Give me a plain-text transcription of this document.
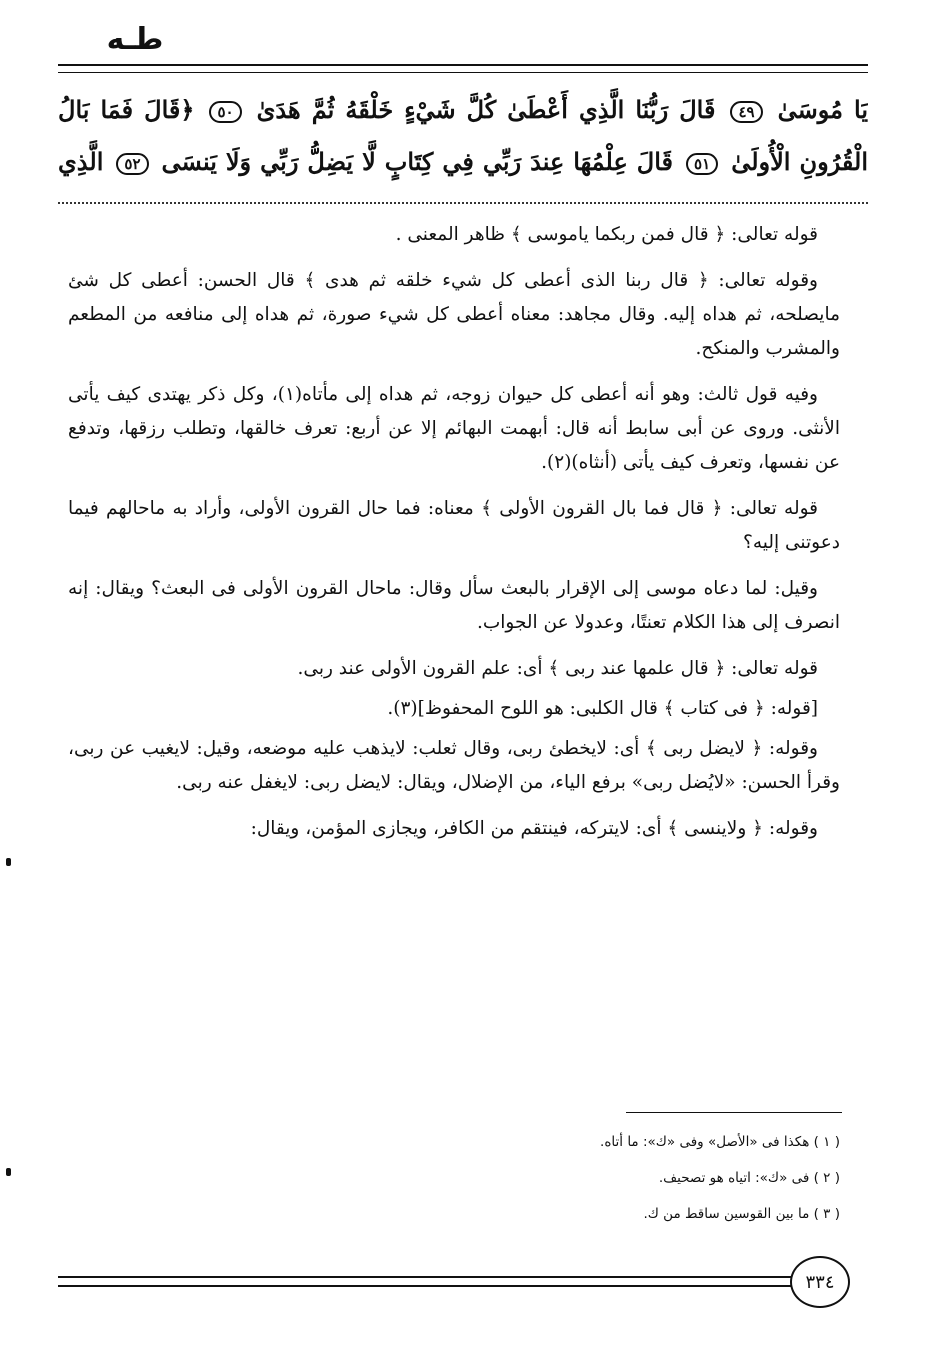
طـه
يَا مُوسَىٰ ٤٩ قَالَ رَبُّنَا الَّذِي أَعْطَىٰ كُلَّ شَيْءٍ خَلْقَهُ ثُمَّ هَدَىٰ ٥٠ ﴿قَالَ فَمَا بَالُ
الْقُرُونِ الْأُولَىٰ ٥١ قَالَ عِلْمُهَا عِندَ رَبِّي فِي كِتَابٍ لَّا يَضِلُّ رَبِّي وَلَا يَنسَى ٥٢ الَّذِي

قوله تعالى: ﴿ قال فمن ربكما ياموسى ﴾ ظاهر المعنى .

وقوله تعالى: ﴿ قال ربنا الذى أعطى كل شيء خلقه ثم هدى ﴾ قال الحسن: أعطى كل شئ مايصلحه، ثم هداه إليه. وقال مجاهد: معناه أعطى كل شيء صورة، ثم هداه إلى منافعه من المطعم والمشرب والمنكح.

وفيه قول ثالث: وهو أنه أعطى كل حيوان زوجه، ثم هداه إلى مأتاه(١)، وكل ذكر يهتدى كيف يأتى الأنثى. وروى عن أبى سابط أنه قال: أبهمت البهائم إلا عن أربع: تعرف خالقها، وتطلب رزقها، وتدفع عن نفسها، وتعرف كيف يأتى (أنثاه)(٢).

قوله تعالى: ﴿ قال فما بال القرون الأولى ﴾ معناه: فما حال القرون الأولى، وأراد به ماحالهم فيما دعوتنى إليه؟

وقيل: لما دعاه موسى إلى الإقرار بالبعث سأل وقال: ماحال القرون الأولى فى البعث؟ ويقال: إنه انصرف إلى هذا الكلام تعنتًا، وعدولا عن الجواب.

قوله تعالى: ﴿ قال علمها عند ربى ﴾ أى: علم القرون الأولى عند ربى.

[قوله: ﴿ فى كتاب ﴾ قال الكلبى: هو اللوح المحفوظ](٣).

وقوله: ﴿ لايضل ربى ﴾ أى: لايخطئ ربى، وقال ثعلب: لايذهب عليه موضعه، وقيل: لايغيب عن ربى، وقرأ الحسن: «لايُضل ربى» برفع الياء، من الإضلال، ويقال: لايضل ربى: لايغفل عنه ربى.

وقوله: ﴿ ولاينسى ﴾ أى: لايتركه، فينتقم من الكافر، ويجازى المؤمن، ويقال:

( ١ ) هكذا فى «الأصل» وفى «ك»: ما أتاه.
( ٢ ) فى «ك»: اتياه هو تصحيف.
( ٣ ) ما بين القوسين ساقط من ك.
٣٣٤
